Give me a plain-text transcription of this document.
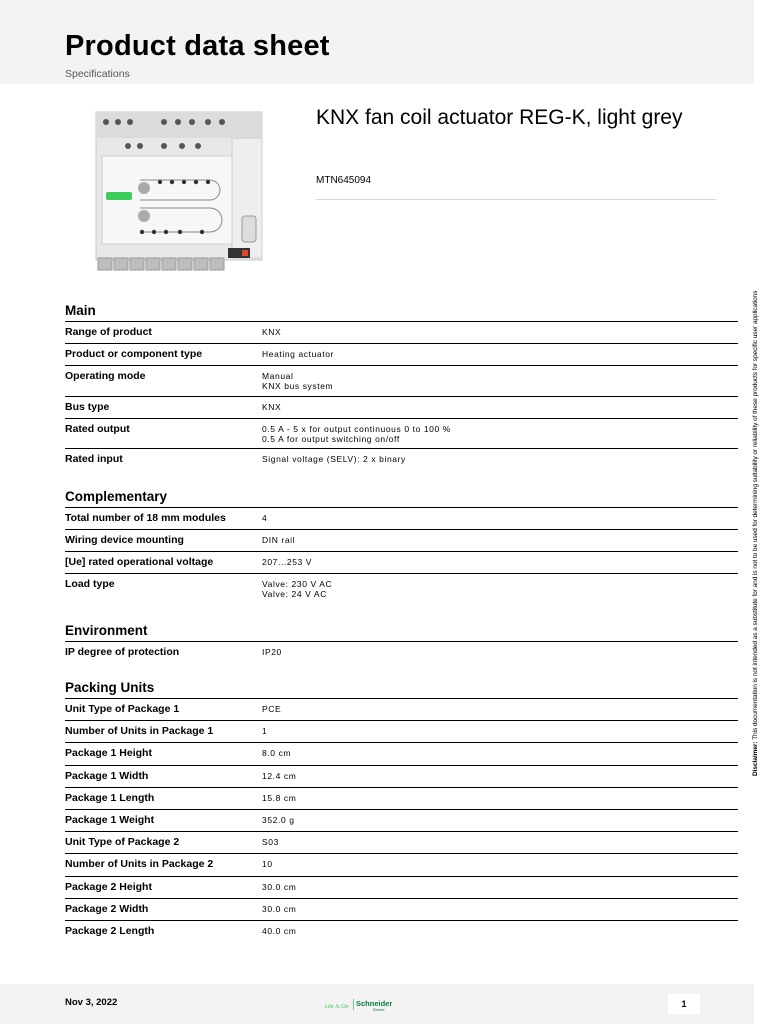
Product data sheet
Specifications
KNX fan coil actuator REG-K, light grey
MTN645094
Main
Range of product	KNX
Product or component type	Heating actuator
Operating mode	Manual
KNX bus system
Bus type	KNX
Rated output	0.5 A - 5 x for output continuous 0 to 100 %
0.5 A for output switching on/off
Rated input	Signal voltage (SELV): 2 x binary
Complementary
Total number of 18 mm modules	4
Wiring device mounting	DIN rail
[Ue] rated operational voltage	207...253 V
Load type	Valve: 230 V AC
Valve: 24 V AC
Environment
IP degree of protection	IP20
Packing Units
Unit Type of Package 1	PCE
Number of Units in Package 1	1
Package 1 Height	8.0 cm
Package 1 Width	12.4 cm
Package 1 Length	15.8 cm
Package 1 Weight	352.0 g
Unit Type of Package 2	S03
Number of Units in Package 2	10
Package 2 Height	30.0 cm
Package 2 Width	30.0 cm
Package 2 Length	40.0 cm
Disclaimer: This documentation is not intended as a substitute for and is not to be used for determining suitability or reliability of these products for specific user applications
Nov 3, 2022	Life Is On Schneider
Electric
1
